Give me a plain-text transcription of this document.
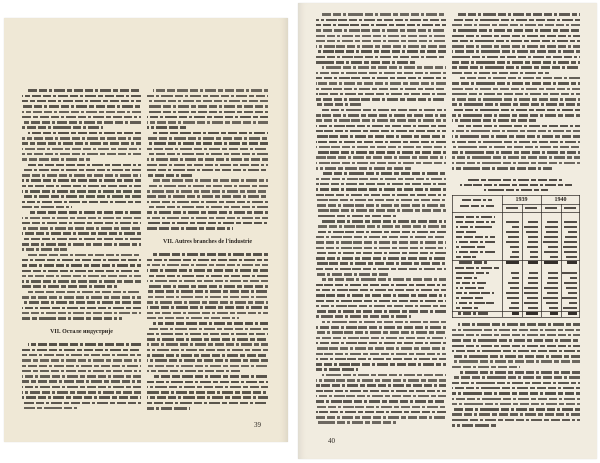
VII. Остале индустрије
VII. Autres branches de l'industrie
39
1939	1940
40
